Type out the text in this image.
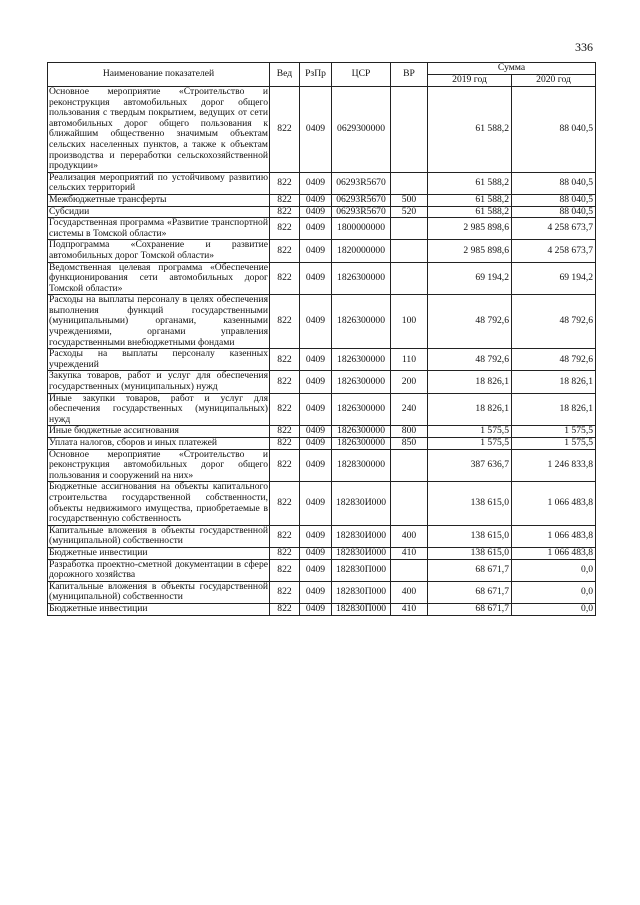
336
Наименование показателей	Вед	РзПр	ЦСР	ВР	Сумма	
					2019 год	2020 год
Основное мероприятие «Строительство и реконструкция автомобильных дорог общего пользования с твердым покрытием, ведущих от сети автомобильных дорог общего пользования к ближайшим общественно значимым объектам сельских населенных пунктов, а также к объектам производства и переработки сельскохозяйственной продукции»	822	0409	0629300000		61 588,2	88 040,5
Реализация мероприятий по устойчивому развитию сельских территорий	822	0409	06293R5670		61 588,2	88 040,5
Межбюджетные трансферты	822	0409	06293R5670	500	61 588,2	88 040,5
Субсидии	822	0409	06293R5670	520	61 588,2	88 040,5
Государственная программа «Развитие транспортной системы в Томской области»	822	0409	1800000000		2 985 898,6	4 258 673,7
Подпрограмма «Сохранение и развитие автомобильных дорог Томской области»	822	0409	1820000000		2 985 898,6	4 258 673,7
Ведомственная целевая программа «Обеспечение функционирования сети автомобильных дорог Томской области»	822	0409	1826300000		69 194,2	69 194,2
Расходы на выплаты персоналу в целях обеспечения выполнения функций государственными (муниципальными) органами, казенными учреждениями, органами управления государственными внебюджетными фондами	822	0409	1826300000	100	48 792,6	48 792,6
Расходы на выплаты персоналу казенных учреждений	822	0409	1826300000	110	48 792,6	48 792,6
Закупка товаров, работ и услуг для обеспечения государственных (муниципальных) нужд	822	0409	1826300000	200	18 826,1	18 826,1
Иные закупки товаров, работ и услуг для обеспечения государственных (муниципальных) нужд	822	0409	1826300000	240	18 826,1	18 826,1
Иные бюджетные ассигнования	822	0409	1826300000	800	1 575,5	1 575,5
Уплата налогов, сборов и иных платежей	822	0409	1826300000	850	1 575,5	1 575,5
Основное мероприятие «Строительство и реконструкция автомобильных дорог общего пользования и сооружений на них»	822	0409	1828300000		387 636,7	1 246 833,8
Бюджетные ассигнования на объекты капитального строительства государственной собственности, объекты недвижимого имущества, приобретаемые в государственную собственность	822	0409	182830И000		138 615,0	1 066 483,8
Капитальные вложения в объекты государственной (муниципальной) собственности	822	0409	182830И000	400	138 615,0	1 066 483,8
Бюджетные инвестиции	822	0409	182830И000	410	138 615,0	1 066 483,8
Разработка проектно-сметной документации в сфере дорожного хозяйства	822	0409	182830П000		68 671,7	0,0
Капитальные вложения в объекты государственной (муниципальной) собственности	822	0409	182830П000	400	68 671,7	0,0
Бюджетные инвестиции	822	0409	182830П000	410	68 671,7	0,0
